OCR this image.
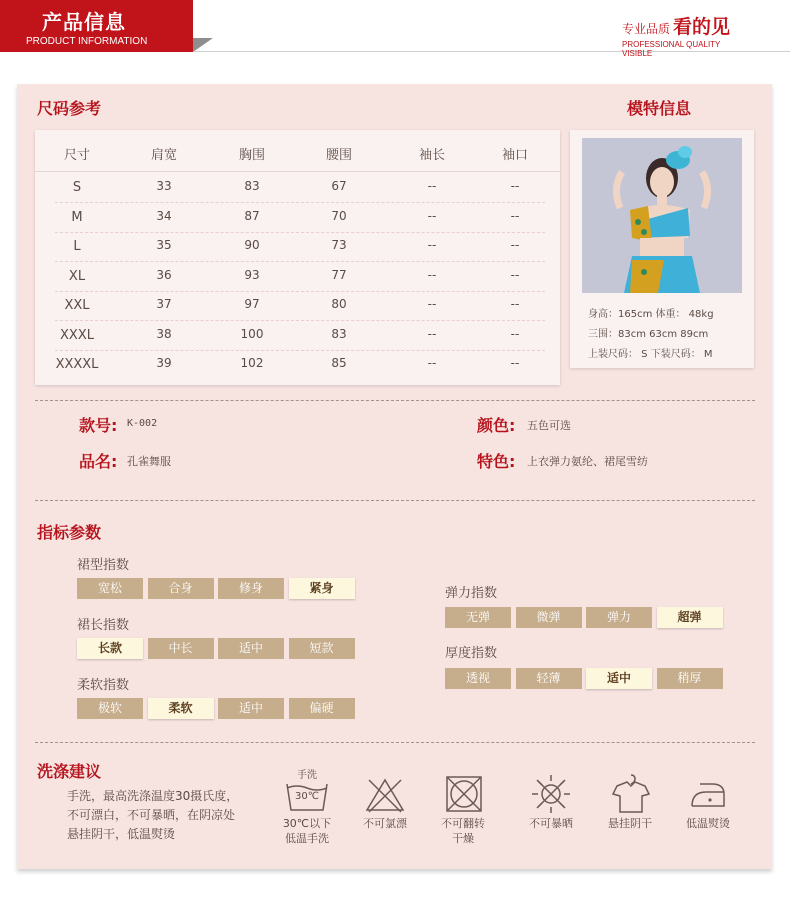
产品信息
PRODUCT INFORMATION
专业品质 看的见
PROFESSIONAL QUALITY VISIBLE
尺码参考	模特信息
尺寸	肩宽	胸围	腰围	袖长	袖口
S	33	83	67	--	--
M	34	87	70	--	--
L	35	90	73	--	--
XL	36	93	77	--	--
XXL	37	97	80	--	--
XXXL	38	100	83	--	--
XXXXL	39	102	85	--	--
身高：165cm 体重： 48kg
三围：83cm 63cm 89cm
上装尺码： S 下装尺码： M
款号: K-002
品名: 孔雀舞服
颜色: 五色可选
特色: 上衣弹力氨纶、裙尾雪纺
指标参数
裙型指数
宽松	合身	修身	紧身
裙长指数
长款	中长	适中	短款
柔软指数
极软	柔软	适中	偏硬
弹力指数
无弹	微弹	弹力	超弹
厚度指数
透视	轻薄	适中	稍厚
洗涤建议
手洗，最高洗涤温度30摄氏度，
不可漂白，不可暴晒，在阴凉处
悬挂阴干，低温熨烫
手洗
30℃
30℃以下
低温手洗
不可氯漂	不可翻转
干燥
不可暴晒	悬挂阴干	低温熨烫
